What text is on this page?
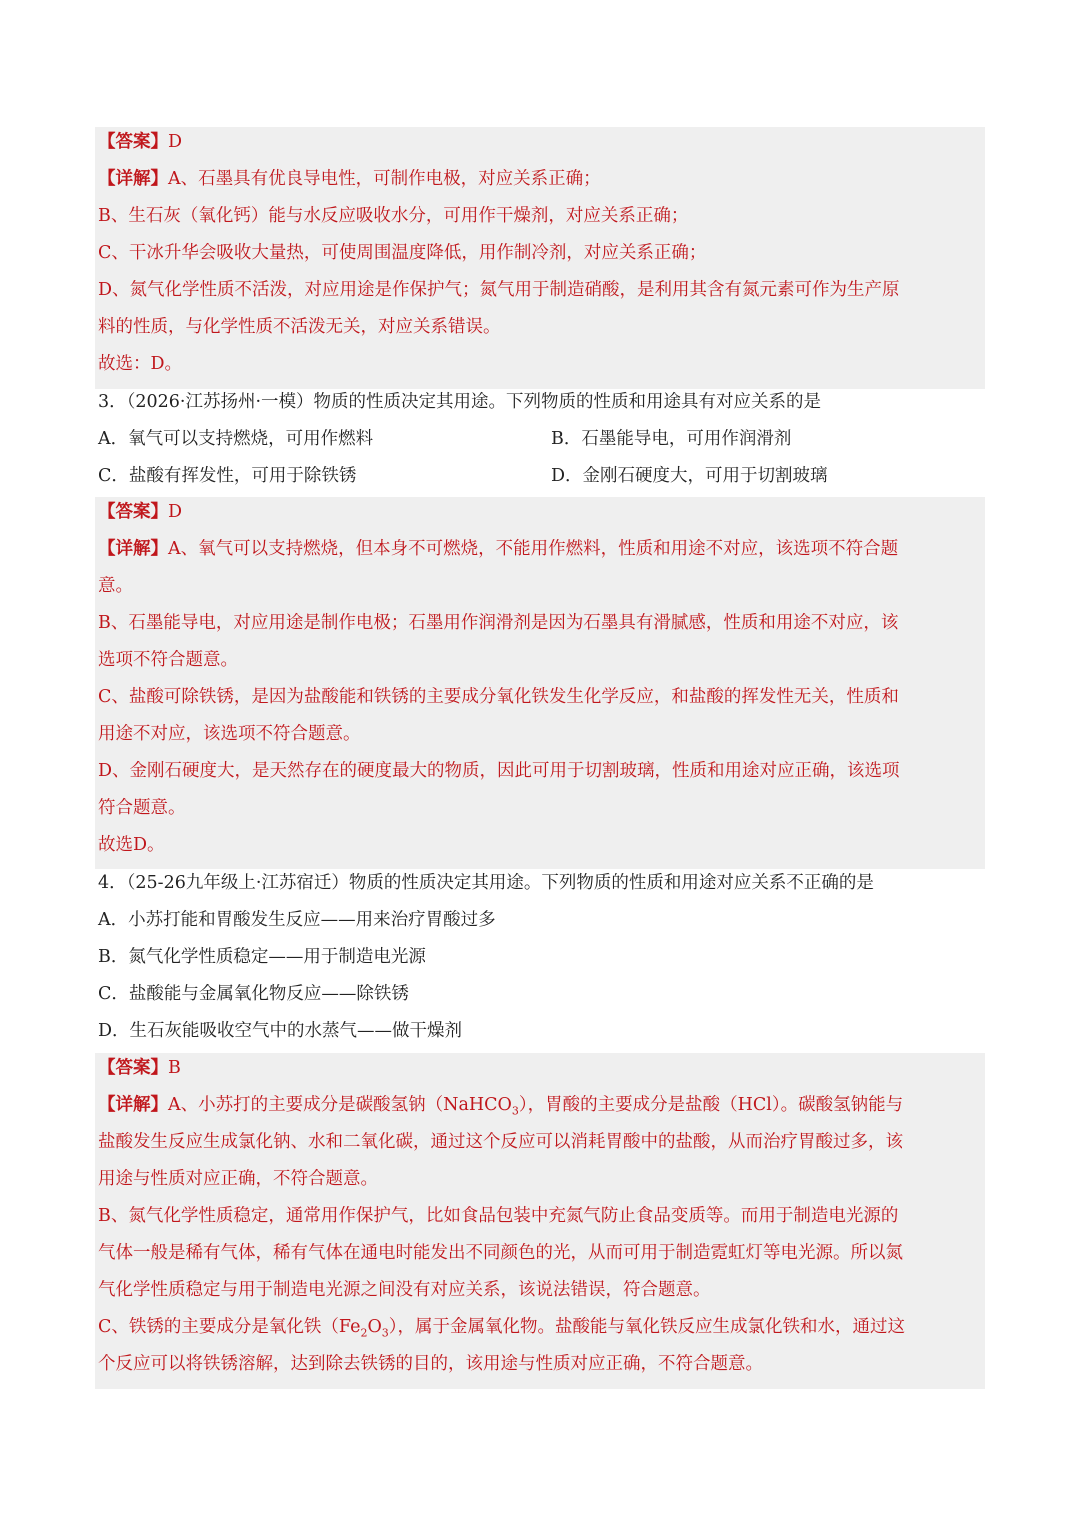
【答案】D
【详解】A、石墨具有优良导电性，可制作电极，对应关系正确；
B、生石灰（氧化钙）能与水反应吸收水分，可用作干燥剂，对应关系正确；
C、干冰升华会吸收大量热，可使周围温度降低，用作制冷剂，对应关系正确；
D、氮气化学性质不活泼，对应用途是作保护气；氮气用于制造硝酸，是利用其含有氮元素可作为生产原
料的性质，与化学性质不活泼无关，对应关系错误。
故选：D。
3．（2026·江苏扬州·一模）物质的性质决定其用途。下列物质的性质和用途具有对应关系的是
A．氧气可以支持燃烧，可用作燃料	B．石墨能导电，可用作润滑剂
C．盐酸有挥发性，可用于除铁锈	D．金刚石硬度大，可用于切割玻璃
【答案】D
【详解】A、氧气可以支持燃烧，但本身不可燃烧，不能用作燃料，性质和用途不对应，该选项不符合题
意。
B、石墨能导电，对应用途是制作电极；石墨用作润滑剂是因为石墨具有滑腻感，性质和用途不对应，该
选项不符合题意。
C、盐酸可除铁锈，是因为盐酸能和铁锈的主要成分氧化铁发生化学反应，和盐酸的挥发性无关，性质和
用途不对应，该选项不符合题意。
D、金刚石硬度大，是天然存在的硬度最大的物质，因此可用于切割玻璃，性质和用途对应正确，该选项
符合题意。
故选D。
4．（25-26九年级上·江苏宿迁）物质的性质决定其用途。下列物质的性质和用途对应关系不正确的是
A．小苏打能和胃酸发生反应——用来治疗胃酸过多
B．氮气化学性质稳定——用于制造电光源
C．盐酸能与金属氧化物反应——除铁锈
D．生石灰能吸收空气中的水蒸气——做干燥剂
【答案】B
【详解】A、小苏打的主要成分是碳酸氢钠（NaHCO$_3$），胃酸的主要成分是盐酸（HCl）。碳酸氢钠能与
盐酸发生反应生成氯化钠、水和二氧化碳，通过这个反应可以消耗胃酸中的盐酸，从而治疗胃酸过多，该
用途与性质对应正确，不符合题意。
B、氮气化学性质稳定，通常用作保护气，比如食品包装中充氮气防止食品变质等。而用于制造电光源的
气体一般是稀有气体，稀有气体在通电时能发出不同颜色的光，从而可用于制造霓虹灯等电光源。所以氮
气化学性质稳定与用于制造电光源之间没有对应关系，该说法错误，符合题意。
C、铁锈的主要成分是氧化铁$(Fe_2O_3)$，属于金属氧化物。盐酸能与氧化铁反应生成氯化铁和水，通过这
个反应可以将铁锈溶解，达到除去铁锈的目的，该用途与性质对应正确，不符合题意。
